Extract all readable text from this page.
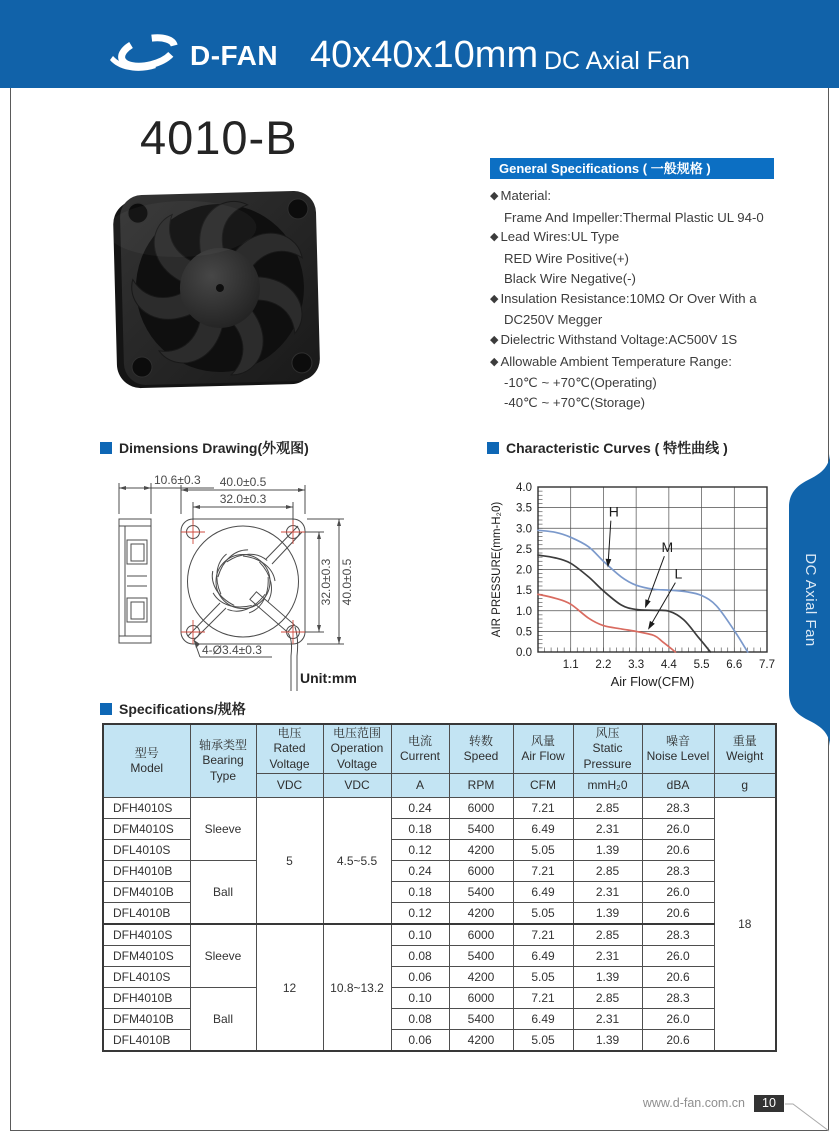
D-FAN 40x40x10mm DC Axial Fan
4010-B
General Specifications ( 一般规格 )
◆ Material:
Frame And Impeller:Thermal Plastic UL 94-0
◆ Lead Wires:UL Type
RED Wire Positive(+)
Black Wire Negative(-)
◆ Insulation Resistance:10MΩ Or Over With a
DC250V Megger
◆ Dielectric Withstand Voltage:AC500V 1S
◆ Allowable Ambient Temperature Range:
-10℃ ~ +70℃(Operating)
-40℃ ~ +70℃(Storage)
Dimensions Drawing(外观图)	Characteristic Curves ( 特性曲线 )
Specifications/规格
10.6±0.3 40.0±0.5
32.0±0.3
32.0±0.3 40.0±0.5
4-Ø3.4±0.3
Unit:mm
0.0
0.5
1.0
1.5
2.0
2.5
3.0
3.5
4.0
1.1 2.2 3.3 4.4 5.5 6.6 7.7
Air Flow(CFM)
AIR PRESSURE(mm-H₂0)	H
M
L	DC Axial Fan
型号
Model

轴承类型
Bearing Type

电压
Rated Voltage

电压范围
Operation Voltage

电流
Current

转数
Speed

风量
Air Flow

风压
Static Pressure

噪音
Noise Level

重量
Weight

		VDC	VDC	A	RPM	CFM	mmH₂0	dBA	g
DFH4010S	Sleeve	5	4.5~5.5	0.24	6000	7.21	2.85	28.3	18
DFM4010S				0.18	5400	6.49	2.31	26.0	
DFL4010S				0.12	4200	5.05	1.39	20.6	
DFH4010B	Ball			0.24	6000	7.21	2.85	28.3	
DFM4010B				0.18	5400	6.49	2.31	26.0	
DFL4010B				0.12	4200	5.05	1.39	20.6	
DFH4010S	Sleeve	12	10.8~13.2	0.10	6000	7.21	2.85	28.3	
DFM4010S				0.08	5400	6.49	2.31	26.0	
DFL4010S				0.06	4200	5.05	1.39	20.6	
DFH4010B	Ball			0.10	6000	7.21	2.85	28.3	
DFM4010B				0.08	5400	6.49	2.31	26.0	
DFL4010B				0.06	4200	5.05	1.39	20.6	
www.d-fan.com.cn	10
